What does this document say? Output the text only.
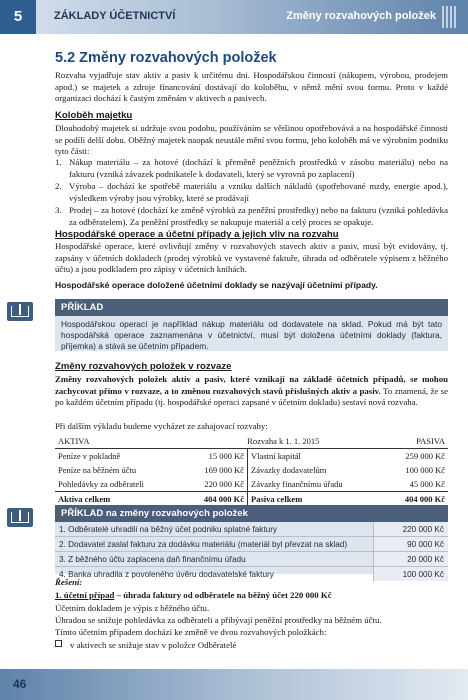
5	ZÁKLADY ÚČETNICTVÍ	Změny rozvahových položek
5.2 Změny rozvahových položek

Rozvaha vyjadřuje stav aktiv a pasiv k určitému dni. Hospodářskou činností (nákupem, výrobou, prodejem apod.) se majetek a zdroje financování dostávají do koloběhu, v němž mění svou formu. Proto v každé organizaci dochází k častým změnám v aktivech a pasivech.

Koloběh majetku

Dlouhodobý majetek si udržuje svou podobu, používáním se většinou opotřebovává a na hospodářské činnosti se podílí delší dobu. Oběžný majetek naopak neustále mění svou formu, jeho koloběh má ve výrobním podniku tyto části:

1. Nákup materiálu – za hotové (dochází k přeměně peněžních prostředků v zásobu materiálu) nebo na fakturu (vzniká závazek podnikatele k dodavateli, který se vyrovná po zaplacení)
2. Výroba – dochází ke spotřebě materiálu a vzniku dalších nákladů (spotřebované mzdy, energie apod.), výsledkem výroby jsou výrobky, které se prodávají
3. Prodej – za hotové (dochází ke změně výrobků za peněžní prostředky) nebo na fakturu (vzniká pohledávka za odběratelem). Za peněžní prostředky se nakupuje materiál a celý proces se opakuje.
Hospodářské operace a účetní případy a jejich vliv na rozvahu

Hospodářské operace, které ovlivňují změny v rozvahových stavech aktiv a pasiv, musí být evidovány, tj. zapsány v účetních dokladech (prodej výrobků ve vystavené faktuře, úhrada od odběratele výpisem z běžného účtu) a jsou podkladem pro zápisy v účetních knihách.

Hospodářské operace doložené účetními doklady se nazývají účetními případy.
PŘÍKLAD
Hospodářskou operací je například nákup materiálu od dodavatele na sklad. Pokud má být tato hospodářská operace zaznamenána v účetnictví, musí být doložena účetními doklady (faktura, příjemka) a stává se účetním případem.
Změny rozvahových položek v rozvaze

Změny rozvahových položek aktiv a pasiv, které vznikají na základě účetních případů, se mohou zachycovat přímo v rozvaze, a to změnou rozvahových stavů příslušných aktiv a pasiv. To znamená, že se po každém účetním případu (tj. hospodářské operaci zapsané v účetním dokladu) sestaví nová rozvaha.

Při dalším výkladu budeme vycházet ze zahajovací rozvahy:
AKTIVA	Rozvaha k 1. 1. 2015		PASIVA
Peníze v pokladně	15 000 Kč	Vlastní kapitál	259 000 Kč
Peníze na běžném účtu	169 000 Kč	Závazky dodavatelům	100 000 Kč
Pohledávky za odběrateli	220 000 Kč	Závazky finančnímu úřadu	45 000 Kč
Aktiva celkem	404 000 Kč	Pasiva celkem	404 000 Kč
PŘÍKLAD na změny rozvahových položek
1. Odběratelé uhradili na běžný účet podniku splatné faktury	220 000 Kč
2. Dodavatel zaslal fakturu za dodávku materiálu (materiál byl převzat na sklad)	90 000 Kč
3. Z běžného účtu zaplacena daň finančnímu úřadu	20 000 Kč
4. Banka uhradila z povoleného úvěru dodavatelské faktury	100 000 Kč
Řešení:
1. účetní případ – úhrada faktury od odběratele na běžný účet 220 000 Kč
Účetním dokladem je výpis z běžného účtu.
Úhradou se snižuje pohledávka za odběrateli a přibývají peněžní prostředky na běžném účtu.
Tímto účetním případem dochází ke změně ve dvou rozvahových položkách:
v aktivech se snižuje stav v položce Odběratelé
46
